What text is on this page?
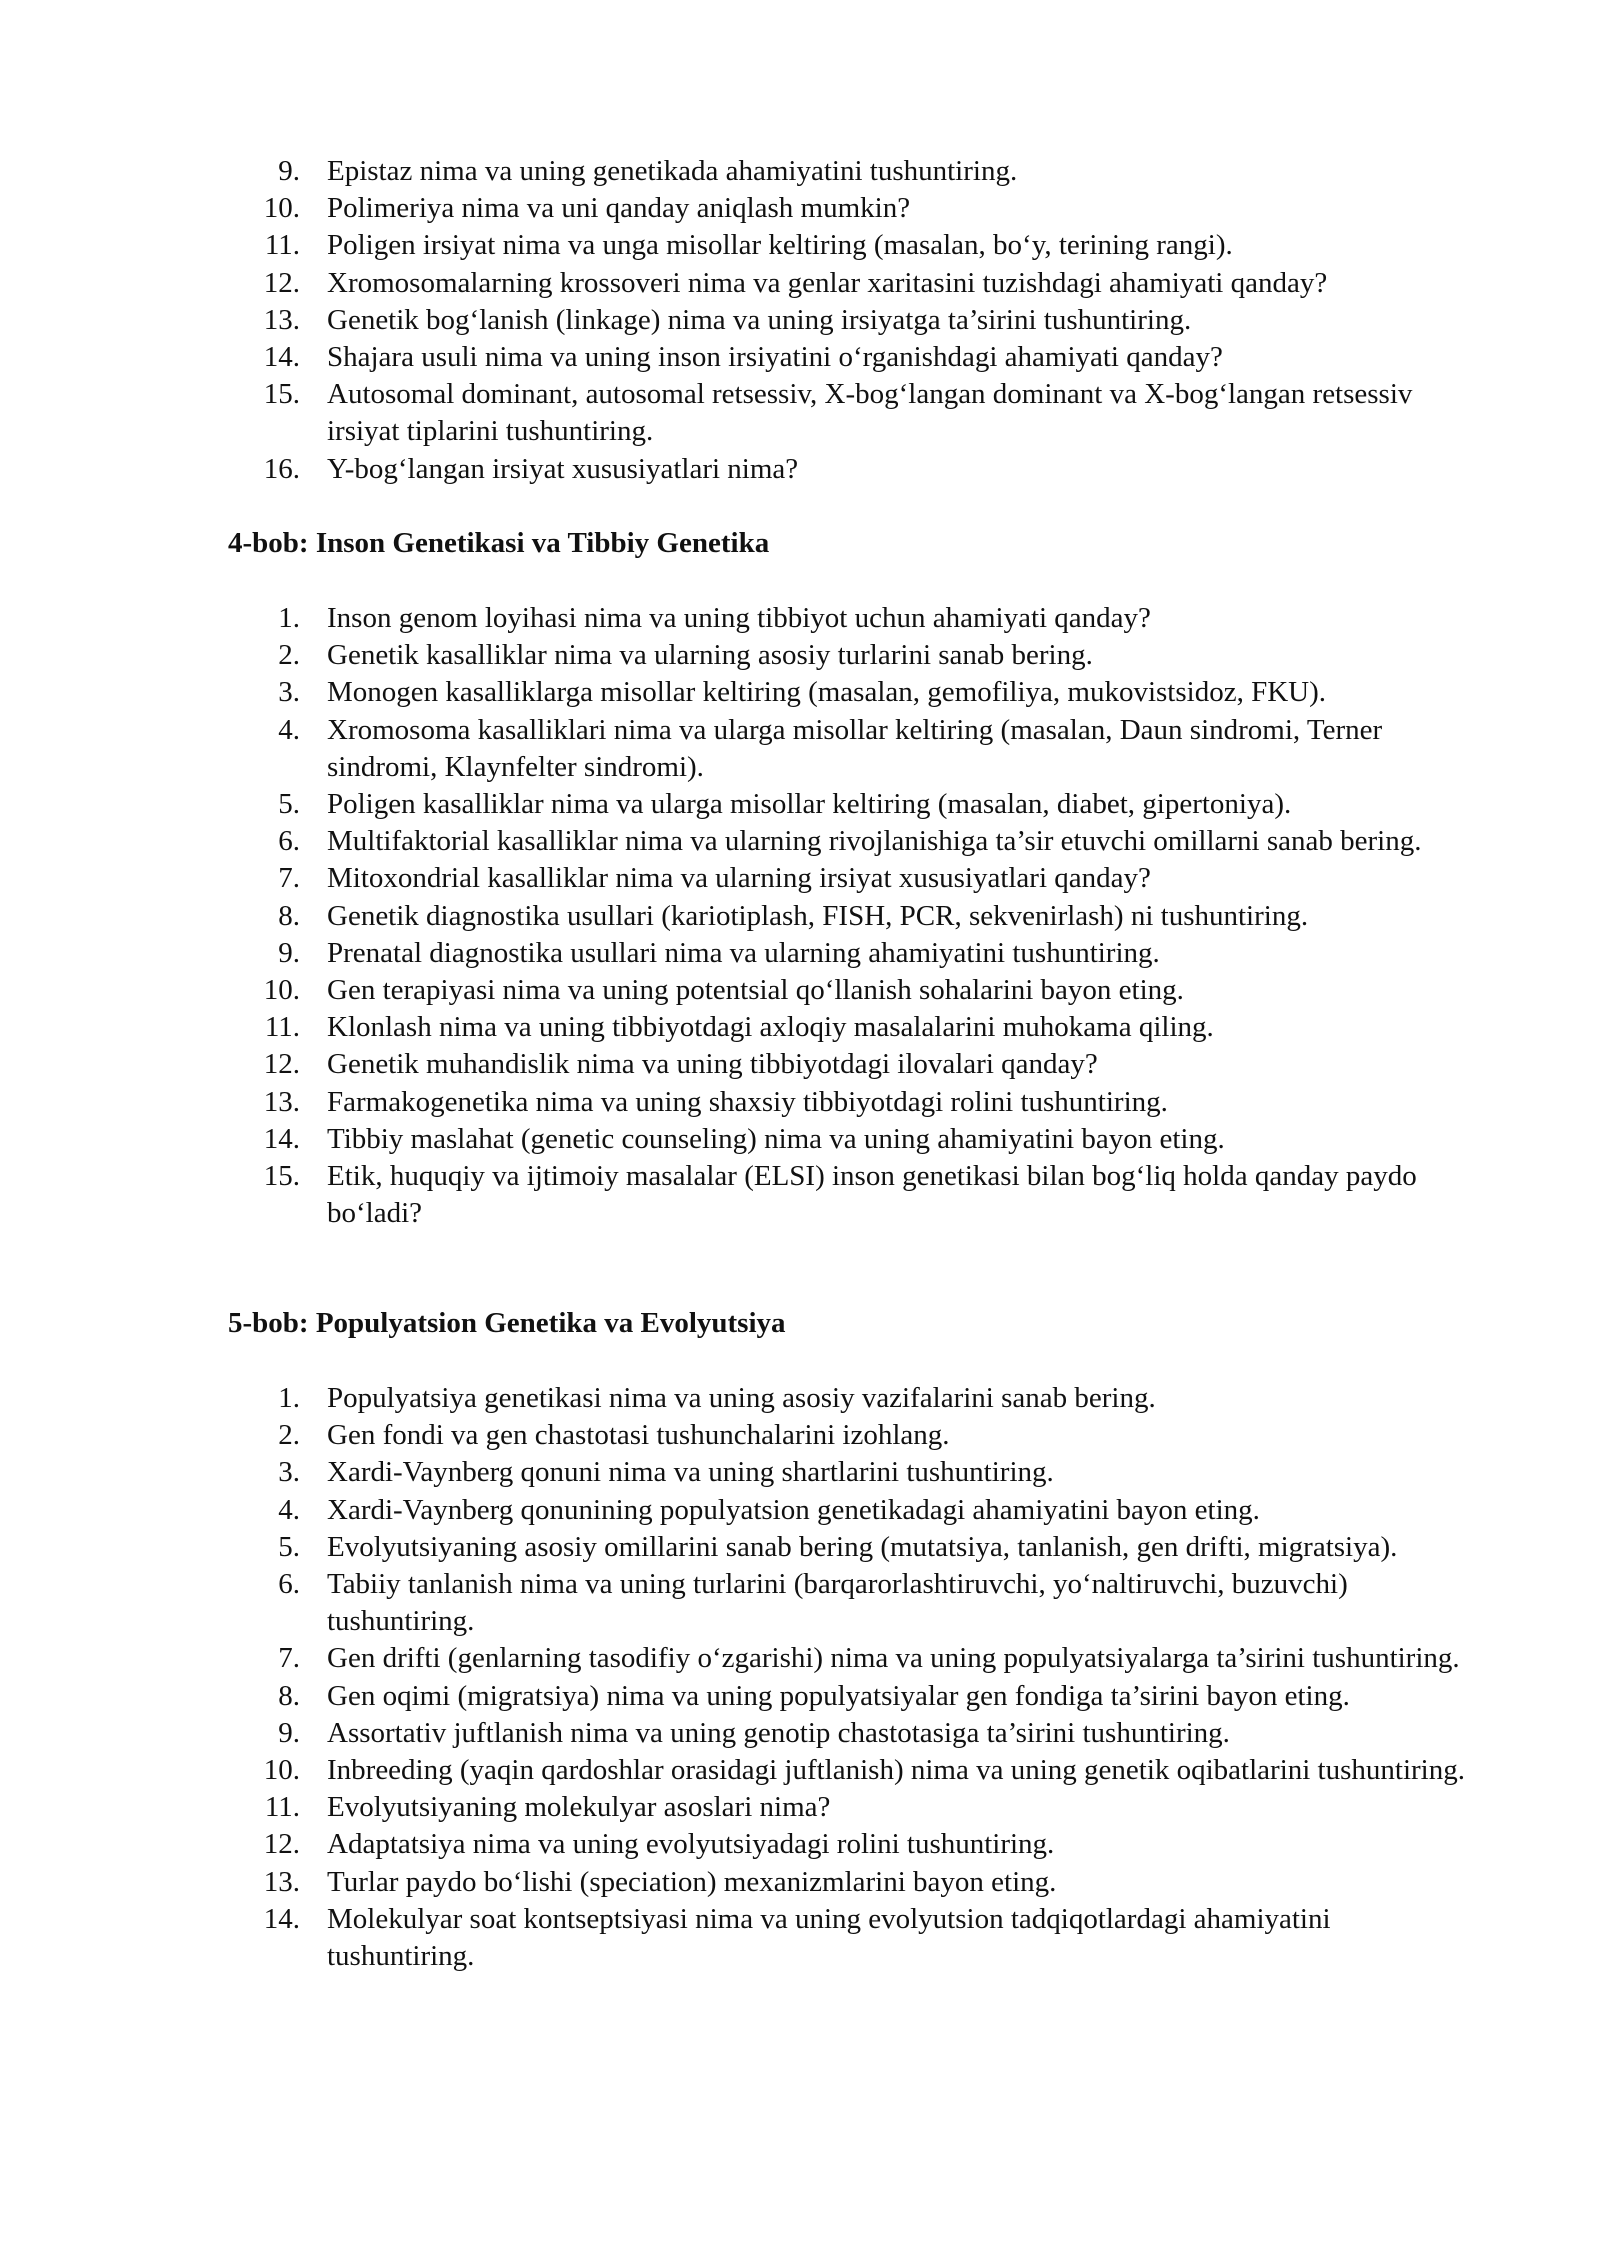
9. Epistaz nima va uning genetikada ahamiyatini tushuntiring.
10. Polimeriya nima va uni qanday aniqlash mumkin?
11. Poligen irsiyat nima va unga misollar keltiring (masalan, bo‘y, terining rangi).
12. Xromosomalarning krossoveri nima va genlar xaritasini tuzishdagi ahamiyati qanday?
13. Genetik bog‘lanish (linkage) nima va uning irsiyatga ta’sirini tushuntiring.
14. Shajara usuli nima va uning inson irsiyatini o‘rganishdagi ahamiyati qanday?
15. Autosomal dominant, autosomal retsessiv, X-bog‘langan dominant va X-bog‘langan retsessiv irsiyat tiplarini tushuntiring.
16. Y-bog‘langan irsiyat xususiyatlari nima?
4-bob: Inson Genetikasi va Tibbiy Genetika
1. Inson genom loyihasi nima va uning tibbiyot uchun ahamiyati qanday?
2. Genetik kasalliklar nima va ularning asosiy turlarini sanab bering.
3. Monogen kasalliklarga misollar keltiring (masalan, gemofiliya, mukovistsidoz, FKU).
4. Xromosoma kasalliklari nima va ularga misollar keltiring (masalan, Daun sindromi, Terner sindromi, Klaynfelter sindromi).
5. Poligen kasalliklar nima va ularga misollar keltiring (masalan, diabet, gipertoniya).
6. Multifaktorial kasalliklar nima va ularning rivojlanishiga ta’sir etuvchi omillarni sanab bering.
7. Mitoxondrial kasalliklar nima va ularning irsiyat xususiyatlari qanday?
8. Genetik diagnostika usullari (kariotiplash, FISH, PCR, sekvenirlash) ni tushuntiring.
9. Prenatal diagnostika usullari nima va ularning ahamiyatini tushuntiring.
10. Gen terapiyasi nima va uning potentsial qo‘llanish sohalarini bayon eting.
11. Klonlash nima va uning tibbiyotdagi axloqiy masalalarini muhokama qiling.
12. Genetik muhandislik nima va uning tibbiyotdagi ilovalari qanday?
13. Farmakogenetika nima va uning shaxsiy tibbiyotdagi rolini tushuntiring.
14. Tibbiy maslahat (genetic counseling) nima va uning ahamiyatini bayon eting.
15. Etik, huquqiy va ijtimoiy masalalar (ELSI) inson genetikasi bilan bog‘liq holda qanday paydo bo‘ladi?
5-bob: Populyatsion Genetika va Evolyutsiya
1. Populyatsiya genetikasi nima va uning asosiy vazifalarini sanab bering.
2. Gen fondi va gen chastotasi tushunchalarini izohlang.
3. Xardi-Vaynberg qonuni nima va uning shartlarini tushuntiring.
4. Xardi-Vaynberg qonunining populyatsion genetikadagi ahamiyatini bayon eting.
5. Evolyutsiyaning asosiy omillarini sanab bering (mutatsiya, tanlanish, gen drifti, migratsiya).
6. Tabiiy tanlanish nima va uning turlarini (barqarorlashtiruvchi, yo‘naltiruvchi, buzuvchi) tushuntiring.
7. Gen drifti (genlarning tasodifiy o‘zgarishi) nima va uning populyatsiyalarga ta’sirini tushuntiring.
8. Gen oqimi (migratsiya) nima va uning populyatsiyalar gen fondiga ta’sirini bayon eting.
9. Assortativ juftlanish nima va uning genotip chastotasiga ta’sirini tushuntiring.
10. Inbreeding (yaqin qardoshlar orasidagi juftlanish) nima va uning genetik oqibatlarini tushuntiring.
11. Evolyutsiyaning molekulyar asoslari nima?
12. Adaptatsiya nima va uning evolyutsiyadagi rolini tushuntiring.
13. Turlar paydo bo‘lishi (speciation) mexanizmlarini bayon eting.
14. Molekulyar soat kontseptsiyasi nima va uning evolyutsion tadqiqotlardagi ahamiyatini tushuntiring.
